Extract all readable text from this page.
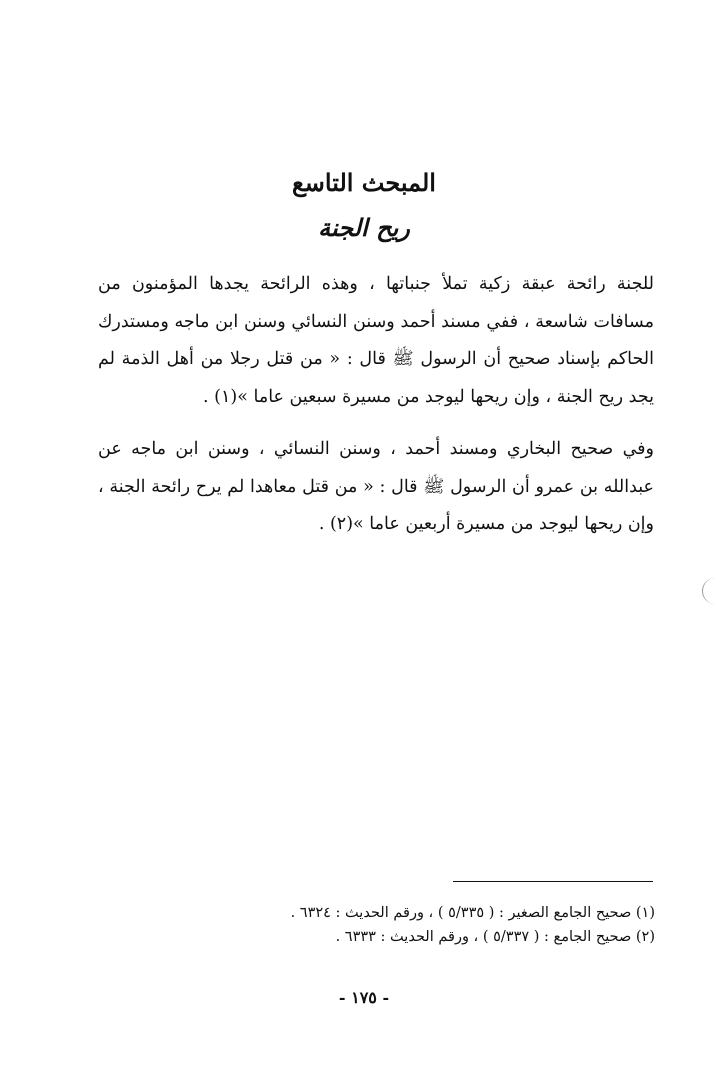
المبحث التاسع
ريح الجنة

للجنة رائحة عبقة زكية تملأ جنباتها ، وهذه الرائحة يجدها المؤمنون من مسافات شاسعة ، ففي مسند أحمد وسنن النسائي وسنن ابن ماجه ومستدرك الحاكم بإسناد صحيح أن الرسول ﷺ قال : « من قتل رجلا من أهل الذمة لم يجد ريح الجنة ، وإن ريحها ليوجد من مسيرة سبعين عاما »(١) .

وفي صحيح البخاري ومسند أحمد ، وسنن النسائي ، وسنن ابن ماجه عن عبدالله بن عمرو أن الرسول ﷺ قال : « من قتل معاهدا لم يرح رائحة الجنة ، وإن ريحها ليوجد من مسيرة أربعين عاما »(٢) .

(١) صحيح الجامع الصغير : ( ٥/٣٣٥ ) ، ورقم الحديث : ٦٣٢٤ .

(٢) صحيح الجامع : ( ٥/٣٣٧ ) ، ورقم الحديث : ٦٣٣٣ .

- ١٧٥ -
